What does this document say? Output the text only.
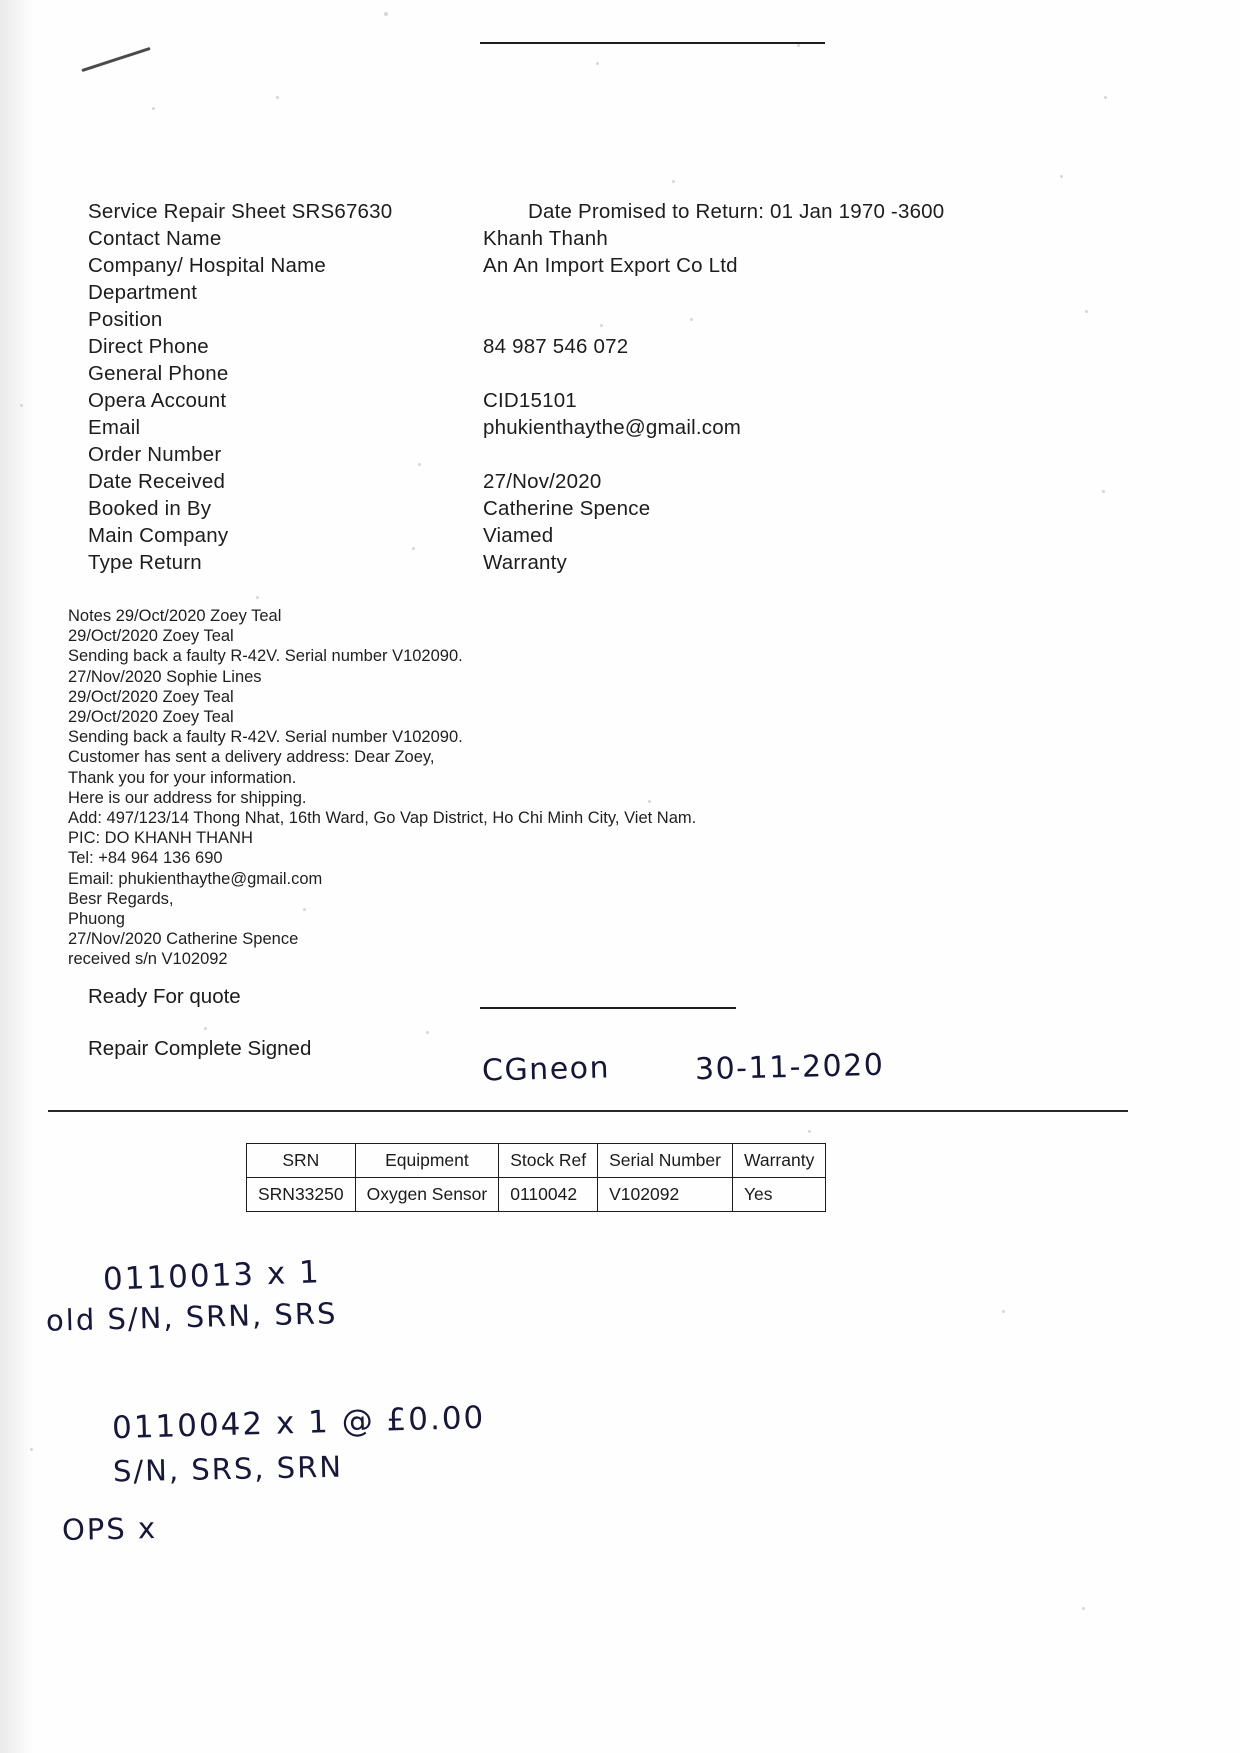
Service Repair Sheet SRS67630	Date Promised to Return: 01 Jan 1970 -3600
Contact Name	Khanh Thanh
Company/ Hospital Name	An An Import Export Co Ltd
Department
Position
Direct Phone	84 987 546 072
General Phone
Opera Account	CID15101
Email	phukienthaythe@gmail.com
Order Number
Date Received	27/Nov/2020
Booked in By	Catherine Spence
Main Company	Viamed
Type Return	Warranty
Notes 29/Oct/2020 Zoey Teal
29/Oct/2020 Zoey Teal
Sending back a faulty R-42V. Serial number V102090.
27/Nov/2020 Sophie Lines
29/Oct/2020 Zoey Teal
29/Oct/2020 Zoey Teal
Sending back a faulty R-42V. Serial number V102090.
Customer has sent a delivery address: Dear Zoey,
Thank you for your information.
Here is our address for shipping.
Add: 497/123/14 Thong Nhat, 16th Ward, Go Vap District, Ho Chi Minh City, Viet Nam.
PIC: DO KHANH THANH
Tel: +84 964 136 690
Email: phukienthaythe@gmail.com
Besr Regards,
Phuong
27/Nov/2020 Catherine Spence
received s/n V102092
Ready For quote
Repair Complete Signed
CGneon	30-11-2020
SRN	Equipment	Stock Ref	Serial Number	Warranty
SRN33250	Oxygen Sensor	0110042	V102092	Yes
0110013 x 1
old S/N, SRN, SRS
0110042 x 1 @ £0.00
S/N, SRS, SRN
OPS x
